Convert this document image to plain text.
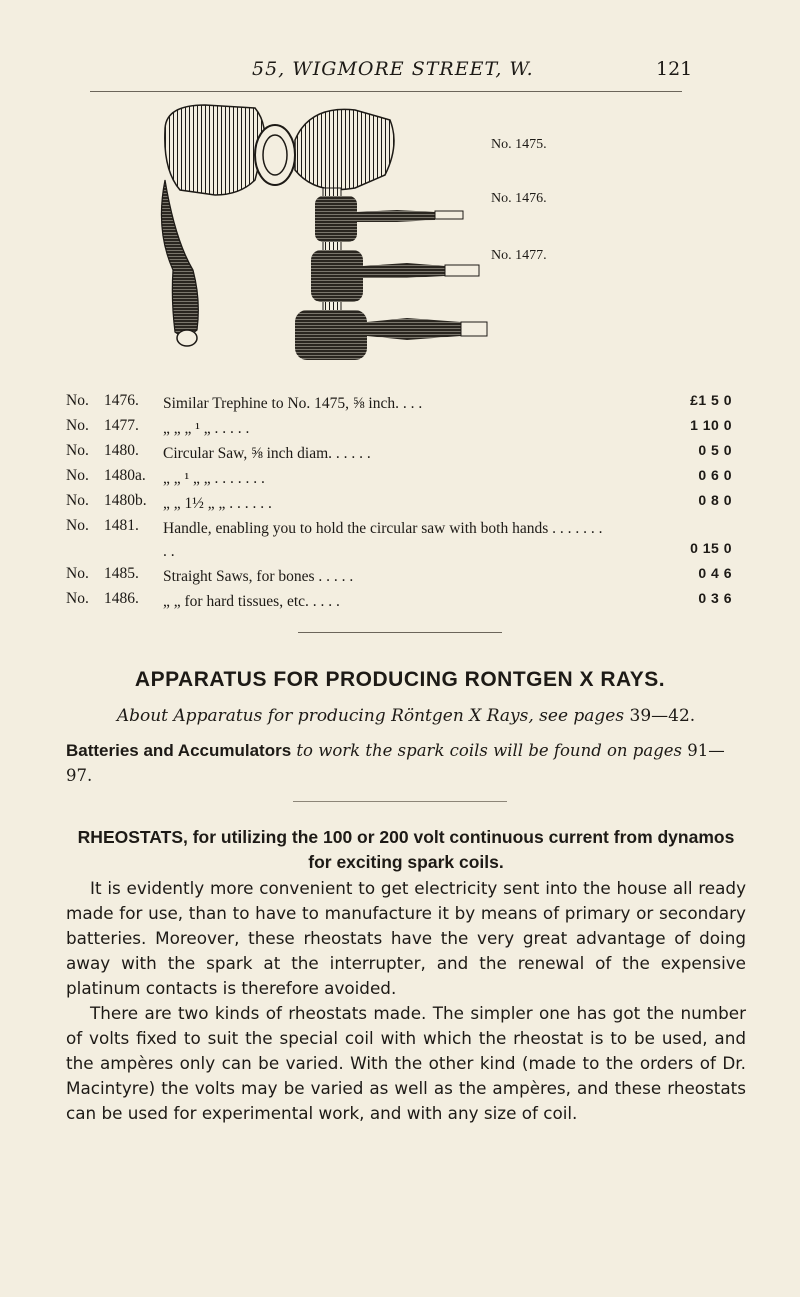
55, WIGMORE STREET, W.	121
No. 1475.
No. 1476.
No. 1477.
No. 1476. Similar Trephine to No. 1475, ⅝ inch. . . .	£1 5 0
No. 1477. „ „ „ ¹ „ . . . . .	1 10 0
No. 1480. Circular Saw, ⅝ inch diam. . . . . .	0 5 0
No. 1480a. „ „ ¹ „ „ . . . . . . .	0 6 0
No. 1480b. „ „ 1½ „ „ . . . . . .	0 8 0
No. 1481. Handle, enabling you to hold the circular saw with both hands . . . . . . . . .	0 15 0
No. 1485. Straight Saws, for bones . . . . .	0 4 6
No. 1486. „ „ for hard tissues, etc. . . . .	0 3 6
APPARATUS FOR PRODUCING RONTGEN X RAYS.
About Apparatus for producing Röntgen X Rays, see pages 39—42.
Batteries and Accumulators to work the spark coils will be found on pages 91—97.
RHEOSTATS, for utilizing the 100 or 200 volt continuous current from dynamos for exciting spark coils.

It is evidently more convenient to get electricity sent into the house all ready made for use, than to have to manufacture it by means of primary or secondary batteries. Moreover, these rheostats have the very great advantage of doing away with the spark at the interrupter, and the renewal of the expensive platinum contacts is therefore avoided.

There are two kinds of rheostats made. The simpler one has got the number of volts fixed to suit the special coil with which the rheostat is to be used, and the ampères only can be varied. With the other kind (made to the orders of Dr. Macintyre) the volts may be varied as well as the ampères, and these rheostats can be used for experimental work, and with any size of coil.
